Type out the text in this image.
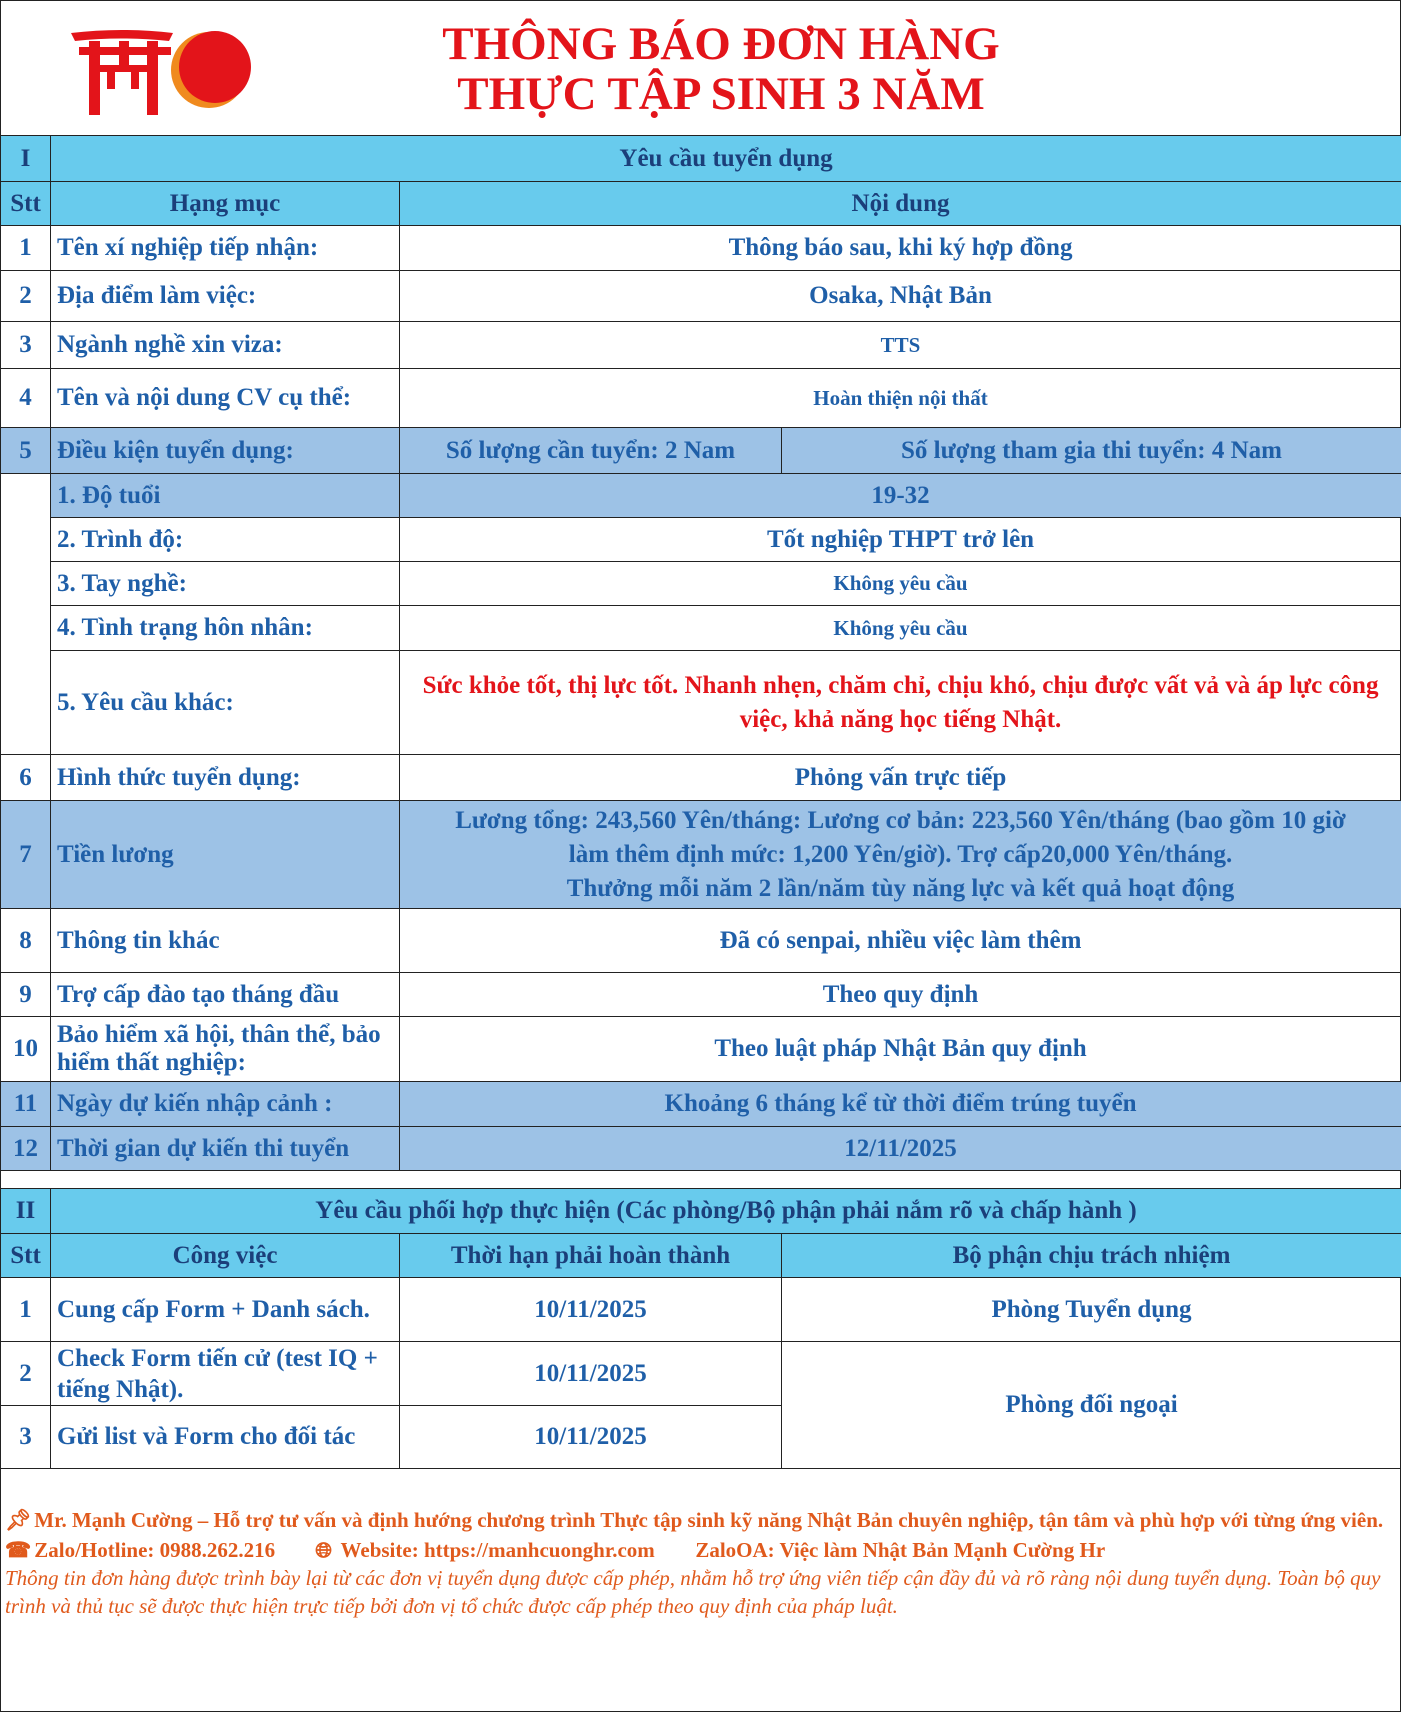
THÔNG BÁO ĐƠN HÀNG
THỰC TẬP SINH 3 NĂM
I	Yêu cầu tuyển dụng		
Stt	Hạng mục	Nội dung	
1	Tên xí nghiệp tiếp nhận:	Thông báo sau, khi ký hợp đồng	
2	Địa điểm làm việc:	Osaka, Nhật Bản	
3	Ngành nghề xin viza:	TTS	
4	Tên và nội dung CV cụ thể:	Hoàn thiện nội thất	
5	Điều kiện tuyển dụng:	Số lượng cần tuyển: 2 Nam	Số lượng tham gia thi tuyển: 4 Nam
	1. Độ tuổi	19-32	
	2. Trình độ:	Tốt nghiệp THPT trở lên	
	3. Tay nghề:	Không yêu cầu	
	4. Tình trạng hôn nhân:	Không yêu cầu	
	5. Yêu cầu khác:	Sức khỏe tốt, thị lực tốt. Nhanh nhẹn, chăm chỉ, chịu khó, chịu được vất vả và áp lực công việc, khả năng học tiếng Nhật.	
6	Hình thức tuyển dụng:	Phỏng vấn trực tiếp	
7	Tiền lương	Lương tổng: 243,560 Yên/tháng: Lương cơ bản: 223,560 Yên/tháng (bao gồm 10 giờ
làm thêm định mức: 1,200 Yên/giờ). Trợ cấp20,000 Yên/tháng.
Thưởng mỗi năm 2 lần/năm tùy năng lực và kết quả hoạt động	

8	Thông tin khác	Đã có senpai, nhiều việc làm thêm	
9	Trợ cấp đào tạo tháng đầu	Theo quy định	
10	Bảo hiểm xã hội, thân thể, bảo hiểm thất nghiệp:	Theo luật pháp Nhật Bản quy định	
11	Ngày dự kiến nhập cảnh :	Khoảng 6 tháng kể từ thời điểm trúng tuyển	
12	Thời gian dự kiến thi tuyển	12/11/2025	
II	Yêu cầu phối hợp thực hiện (Các phòng/Bộ phận phải nắm rõ và chấp hành )		
Stt	Công việc	Thời hạn phải hoàn thành	Bộ phận chịu trách nhiệm
1	Cung cấp Form + Danh sách.	10/11/2025	Phòng Tuyển dụng
2	Check Form tiến cử (test IQ + tiếng Nhật).	10/11/2025	Phòng đối ngoại
3	Gửi list và Form cho đối tác	10/11/2025	
📌︎ Mr. Mạnh Cường – Hỗ trợ tư vấn và định hướng chương trình Thực tập sinh kỹ năng Nhật Bản chuyên nghiệp, tận tâm và phù hợp với từng ứng viên.
☎ Zalo/Hotline: 0988.262.216 🌐︎ Website: https://manhcuonghr.com ZaloOA: Việc làm Nhật Bản Mạnh Cường Hr
Thông tin đơn hàng được trình bày lại từ các đơn vị tuyển dụng được cấp phép, nhằm hỗ trợ ứng viên tiếp cận đầy đủ và rõ ràng nội dung tuyển dụng. Toàn bộ quy trình và thủ tục sẽ được thực hiện trực tiếp bởi đơn vị tổ chức được cấp phép theo quy định của pháp luật.
